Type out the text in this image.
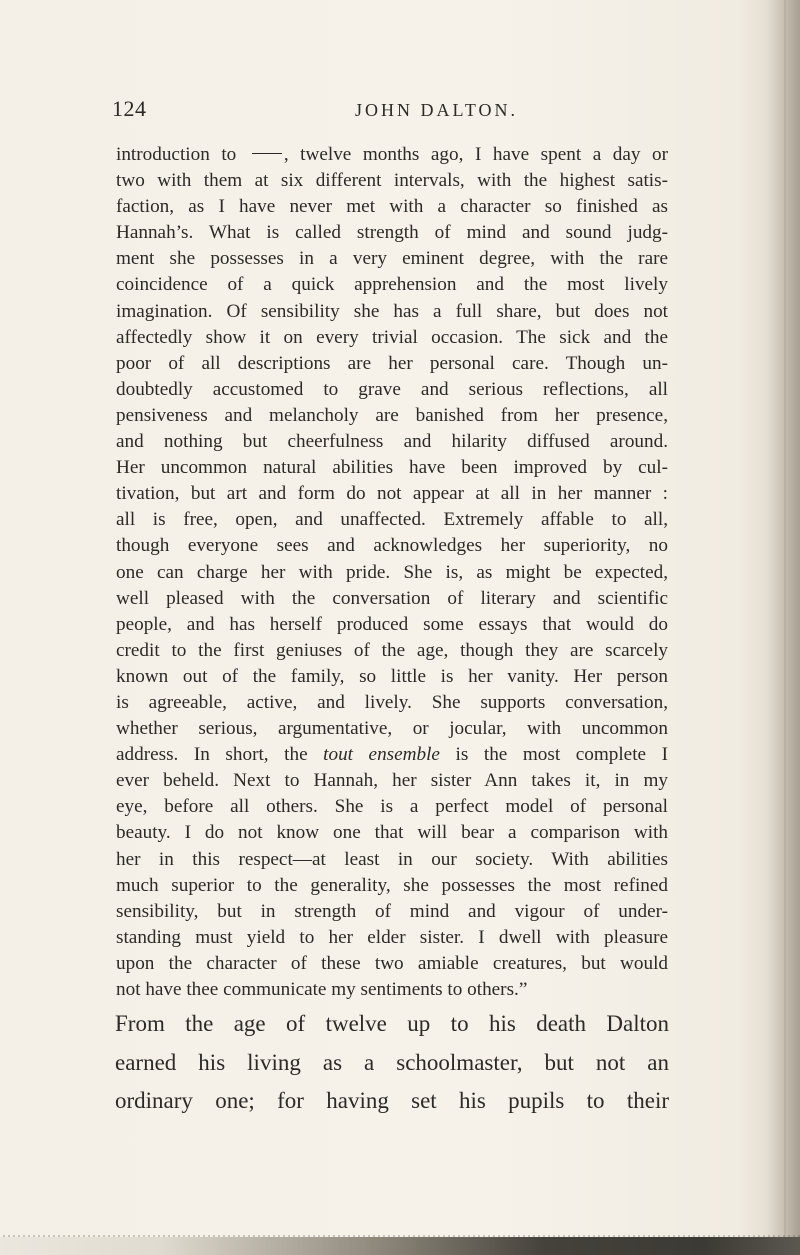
124	JOHN DALTON.
introduction to , twelve months ago, I have spent a day or
two with them at six different intervals, with the highest satis-
faction, as I have never met with a character so finished as
Hannah’s. What is called strength of mind and sound judg-
ment she possesses in a very eminent degree, with the rare
coincidence of a quick apprehension and the most lively
imagination. Of sensibility she has a full share, but does not
affectedly show it on every trivial occasion. The sick and the
poor of all descriptions are her personal care. Though un-
doubtedly accustomed to grave and serious reflections, all
pensiveness and melancholy are banished from her presence,
and nothing but cheerfulness and hilarity diffused around.
Her uncommon natural abilities have been improved by cul-
tivation, but art and form do not appear at all in her manner :
all is free, open, and unaffected. Extremely affable to all,
though everyone sees and acknowledges her superiority, no
one can charge her with pride. She is, as might be expected,
well pleased with the conversation of literary and scientific
people, and has herself produced some essays that would do
credit to the first geniuses of the age, though they are scarcely
known out of the family, so little is her vanity. Her person
is agreeable, active, and lively. She supports conversation,
whether serious, argumentative, or jocular, with uncommon
address. In short, the tout ensemble is the most complete I
ever beheld. Next to Hannah, her sister Ann takes it, in my
eye, before all others. She is a perfect model of personal
beauty. I do not know one that will bear a comparison with
her in this respect—at least in our society. With abilities
much superior to the generality, she possesses the most refined
sensibility, but in strength of mind and vigour of under-
standing must yield to her elder sister. I dwell with pleasure
upon the character of these two amiable creatures, but would
not have thee communicate my sentiments to others.”
From the age of twelve up to his death Dalton
earned his living as a schoolmaster, but not an
ordinary one; for having set his pupils to their
